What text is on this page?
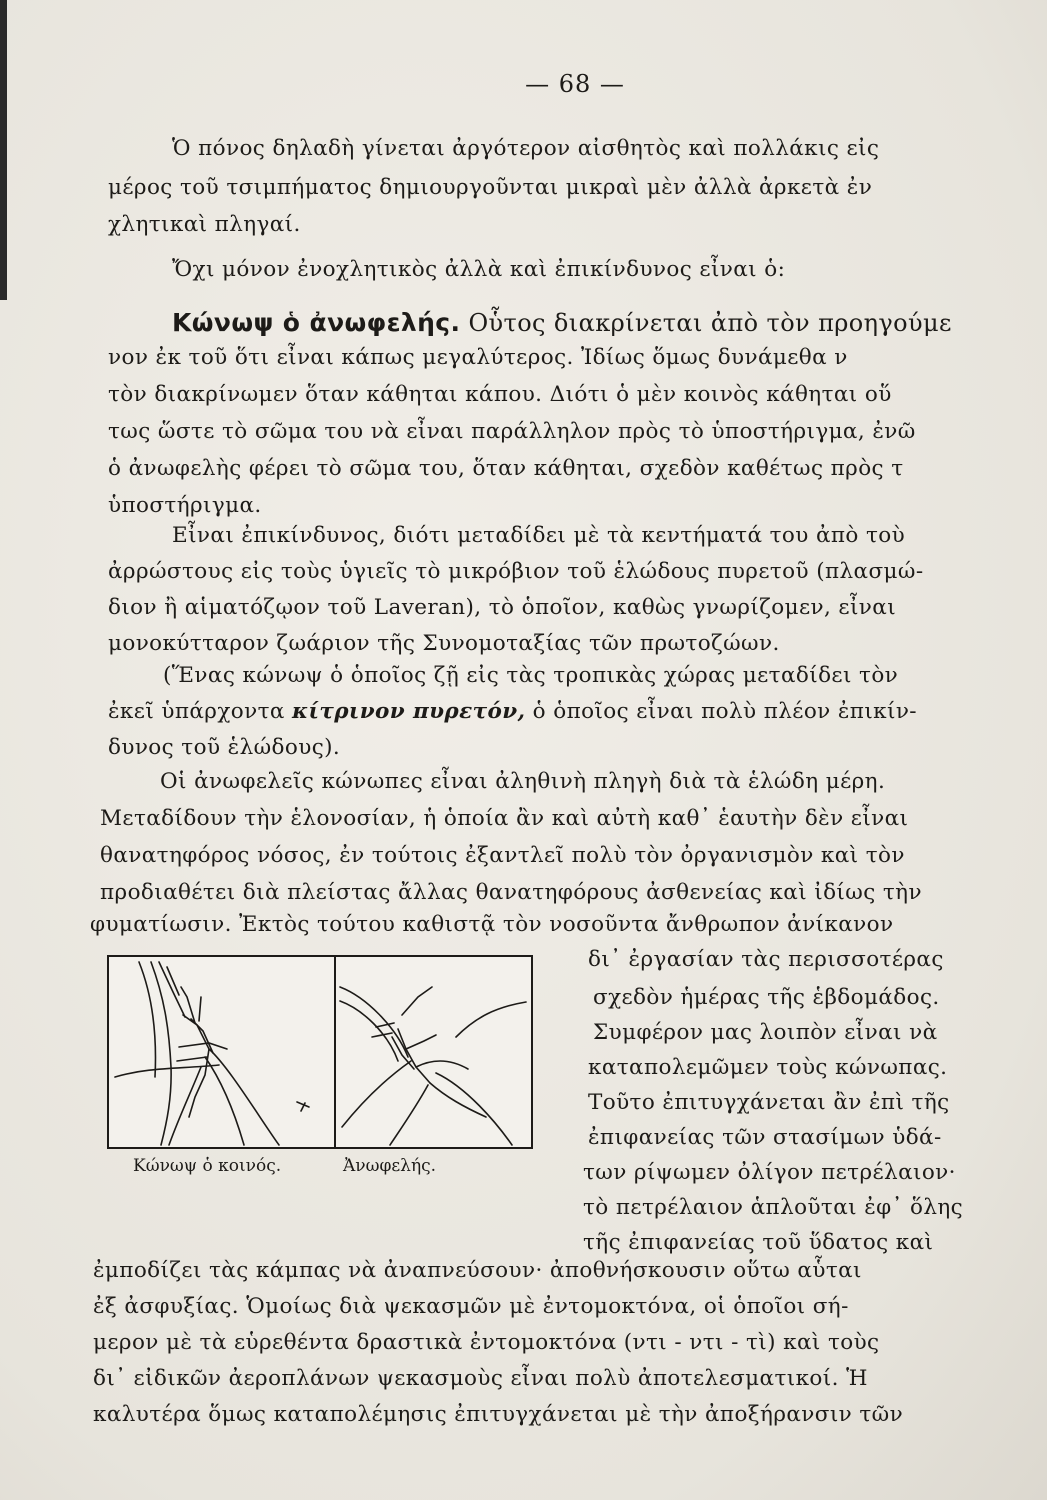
— 68 —
Ὁ πόνος δηλαδὴ γίνεται ἀργότερον αἰσθητὸς καὶ πολλάκις εἰς
μέρος τοῦ τσιμπήματος δημιουργοῦνται μικραὶ μὲν ἀλλὰ ἀρκετὰ ἐν
χλητικαὶ πληγαί.
Ὄχι μόνον ἐνοχλητικὸς ἀλλὰ καὶ ἐπικίνδυνος εἶναι ὁ:
Κώνωψ ὁ ἀνωφελής. Οὗτος διακρίνεται ἀπὸ τὸν προηγούμε
νον ἐκ τοῦ ὅτι εἶναι κάπως μεγαλύτερος. Ἰδίως ὅμως δυνάμεθα ν
τὸν διακρίνωμεν ὅταν κάθηται κάπου. Διότι ὁ μὲν κοινὸς κάθηται οὕ
τως ὥστε τὸ σῶμα του νὰ εἶναι παράλληλον πρὸς τὸ ὑποστήριγμα, ἐνῶ
ὁ ἀνωφελὴς φέρει τὸ σῶμα του, ὅταν κάθηται, σχεδὸν καθέτως πρὸς τ
ὑποστήριγμα.
Εἶναι ἐπικίνδυνος, διότι μεταδίδει μὲ τὰ κεντήματά του ἀπὸ τοὺ
ἀρρώστους εἰς τοὺς ὑγιεῖς τὸ μικρόβιον τοῦ ἑλώδους πυρετοῦ (πλασμώ-
διον ἢ αἱματόζῳον τοῦ Laveran), τὸ ὁποῖον, καθὼς γνωρίζομεν, εἶναι
μονοκύτταρον ζωάριον τῆς Συνομοταξίας τῶν πρωτοζώων.
(Ἕνας κώνωψ ὁ ὁποῖος ζῇ εἰς τὰς τροπικὰς χώρας μεταδίδει τὸν
ἐκεῖ ὑπάρχοντα κίτρινον πυρετόν, ὁ ὁποῖος εἶναι πολὺ πλέον ἐπικίν-
δυνος τοῦ ἑλώδους).
Οἱ ἀνωφελεῖς κώνωπες εἶναι ἀληθινὴ πληγὴ διὰ τὰ ἑλώδη μέρη.
Μεταδίδουν τὴν ἑλονοσίαν, ἡ ὁποία ἂν καὶ αὐτὴ καθ᾿ ἑαυτὴν δὲν εἶναι
θανατηφόρος νόσος, ἐν τούτοις ἐξαντλεῖ πολὺ τὸν ὀργανισμὸν καὶ τὸν
προδιαθέτει διὰ πλείστας ἄλλας θανατηφόρους ἀσθενείας καὶ ἰδίως τὴν
φυματίωσιν. Ἐκτὸς τούτου καθιστᾷ τὸν νοσοῦντα ἄνθρωπον ἀνίκανον
δι᾿ ἐργασίαν τὰς περισσοτέρας
σχεδὸν ἡμέρας τῆς ἑβδομάδος.
Συμφέρον μας λοιπὸν εἶναι νὰ
καταπολεμῶμεν τοὺς κώνωπας.
Τοῦτο ἐπιτυγχάνεται ἂν ἐπὶ τῆς
ἐπιφανείας τῶν στασίμων ὑδά-
των ρίψωμεν ὀλίγον πετρέλαιον·
τὸ πετρέλαιον ἁπλοῦται ἐφ᾿ ὅλης
τῆς ἐπιφανείας τοῦ ὕδατος καὶ
ἐμποδίζει τὰς κάμπας νὰ ἀναπνεύσουν· ἀποθνήσκουσιν οὕτω αὗται
ἐξ ἀσφυξίας. Ὁμοίως διὰ ψεκασμῶν μὲ ἐντομοκτόνα, οἱ ὁποῖοι σή-
μερον μὲ τὰ εὑρεθέντα δραστικὰ ἐντομοκτόνα (ντι - ντι - τὶ) καὶ τοὺς
δι᾿ εἰδικῶν ἀεροπλάνων ψεκασμοὺς εἶναι πολὺ ἀποτελεσματικοί. Ἡ
καλυτέρα ὅμως καταπολέμησις ἐπιτυγχάνεται μὲ τὴν ἀποξήρανσιν τῶν
Κώνωψ ὁ κοινός.	Ἀνωφελής.
